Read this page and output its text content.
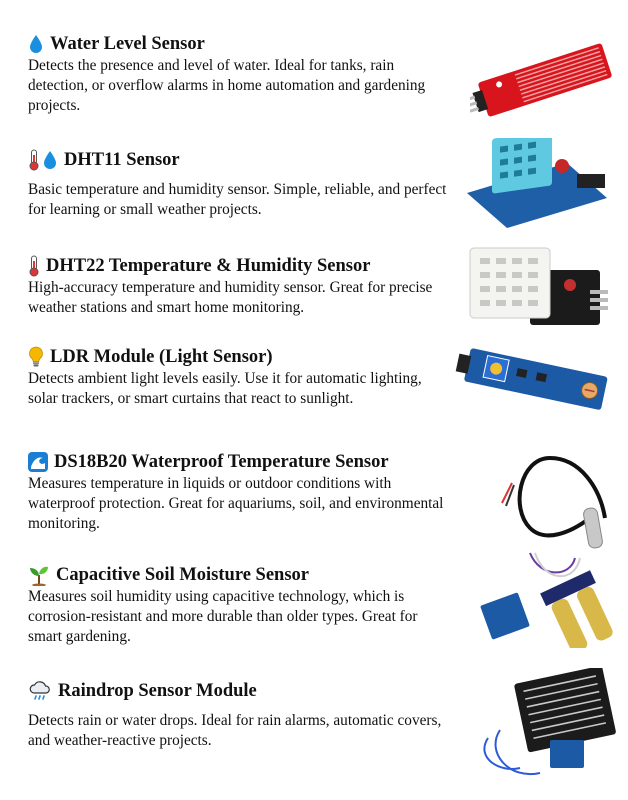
Water Level Sensor

Detects the presence and level of water. Ideal for tanks, rain detection, or overflow alarms in home automation and gardening projects.

DHT11 Sensor

Basic temperature and humidity sensor. Simple, reliable, and perfect for learning or small weather projects.

DHT22 Temperature & Humidity Sensor

High-accuracy temperature and humidity sensor. Great for precise weather stations and smart home monitoring.

LDR Module (Light Sensor)

Detects ambient light levels easily. Use it for automatic lighting, solar trackers, or smart curtains that react to sunlight.

DS18B20 Waterproof Temperature Sensor

Measures temperature in liquids or outdoor conditions with waterproof protection. Great for aquariums, soil, and environmental monitoring.

Capacitive Soil Moisture Sensor

Measures soil humidity using capacitive technology, which is corrosion-resistant and more durable than older types. Great for smart gardening.

Raindrop Sensor Module

Detects rain or water drops. Ideal for rain alarms, automatic covers, and weather-reactive projects.
